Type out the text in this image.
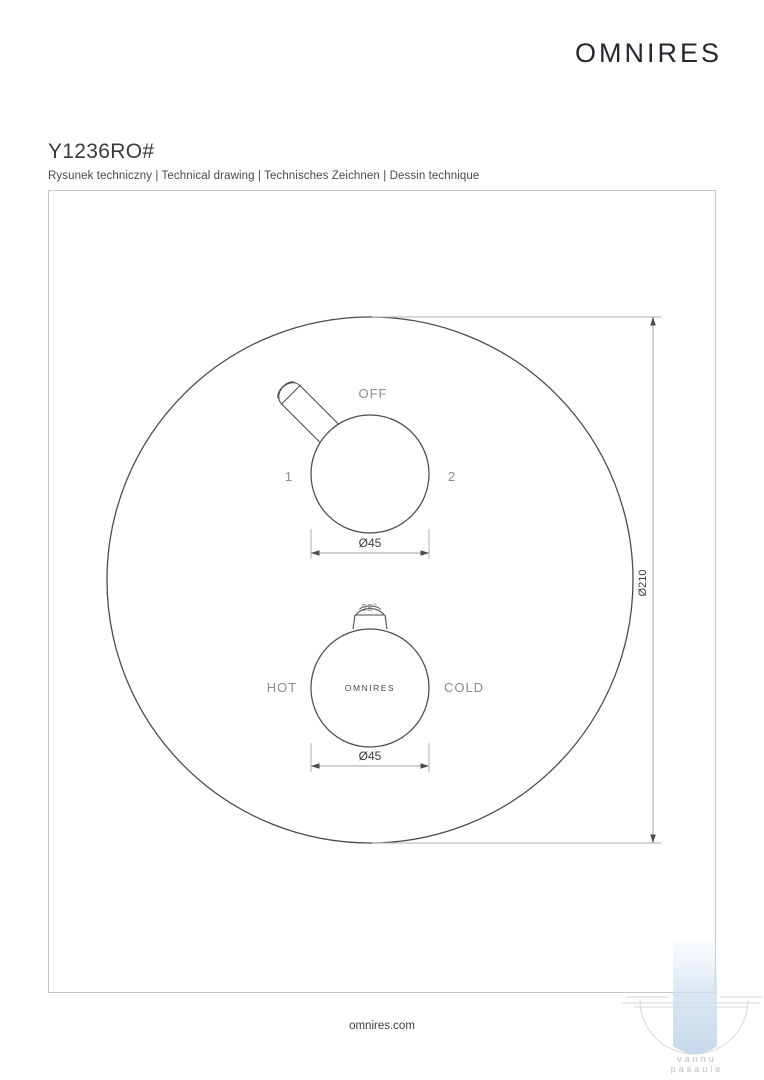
OMNIRES
Y1236RO#
Rysunek techniczny | Technical drawing | Technisches Zeichnen | Dessin technique
OFF
1	2
Ø45
38°
HOT	COLD
OMNIRES
Ø45
Ø210
omnires.com
vannu
pasaule
